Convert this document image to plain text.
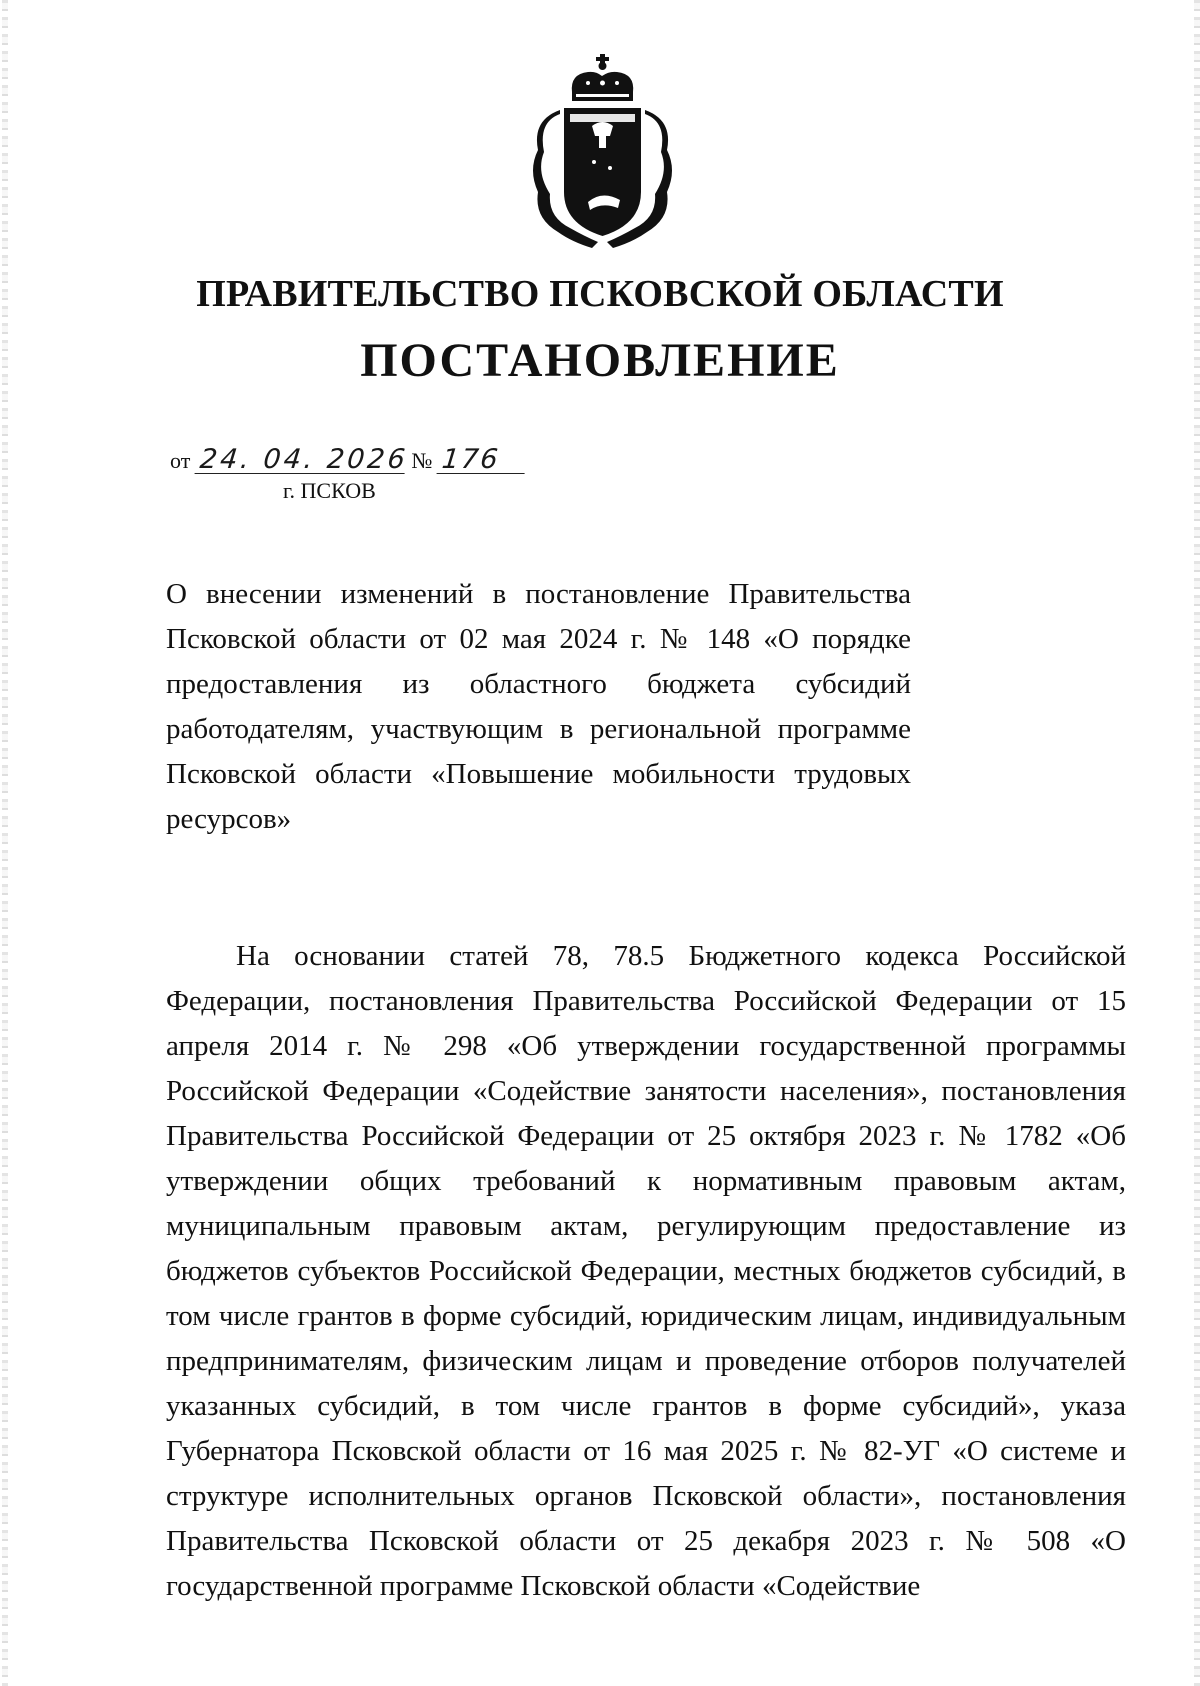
ПРАВИТЕЛЬСТВО ПСКОВСКОЙ ОБЛАСТИ
ПОСТАНОВЛЕНИЕ
от 24. 04. 2026 № 176
г. ПСКОВ
О внесении изменений в постановление Правительства Псковской области от 02 мая 2024 г. № 148 «О порядке предоставления из областного бюджета субсидий работодателям, участвующим в региональной программе Псковской области «Повышение мобильности трудовых ресурсов»

На основании статей 78, 78.5 Бюджетного кодекса Российской Федерации, постановления Правительства Российской Федерации от 15 апреля 2014 г. № 298 «Об утверждении государственной программы Российской Федерации «Содействие занятости населения», постановления Правительства Российской Федерации от 25 октября 2023 г. № 1782 «Об утверждении общих требований к нормативным правовым актам, муниципальным правовым актам, регулирующим предоставление из бюджетов субъектов Российской Федерации, местных бюджетов субсидий, в том числе грантов в форме субсидий, юридическим лицам, индивидуальным предпринимателям, физическим лицам и проведение отборов получателей указанных субсидий, в том числе грантов в форме субсидий», указа Губернатора Псковской области от 16 мая 2025 г. № 82-УГ «О системе и структуре исполнительных органов Псковской области», постановления Правительства Псковской области от 25 декабря 2023 г. № 508 «О государственной программе Псковской области «Содействие
